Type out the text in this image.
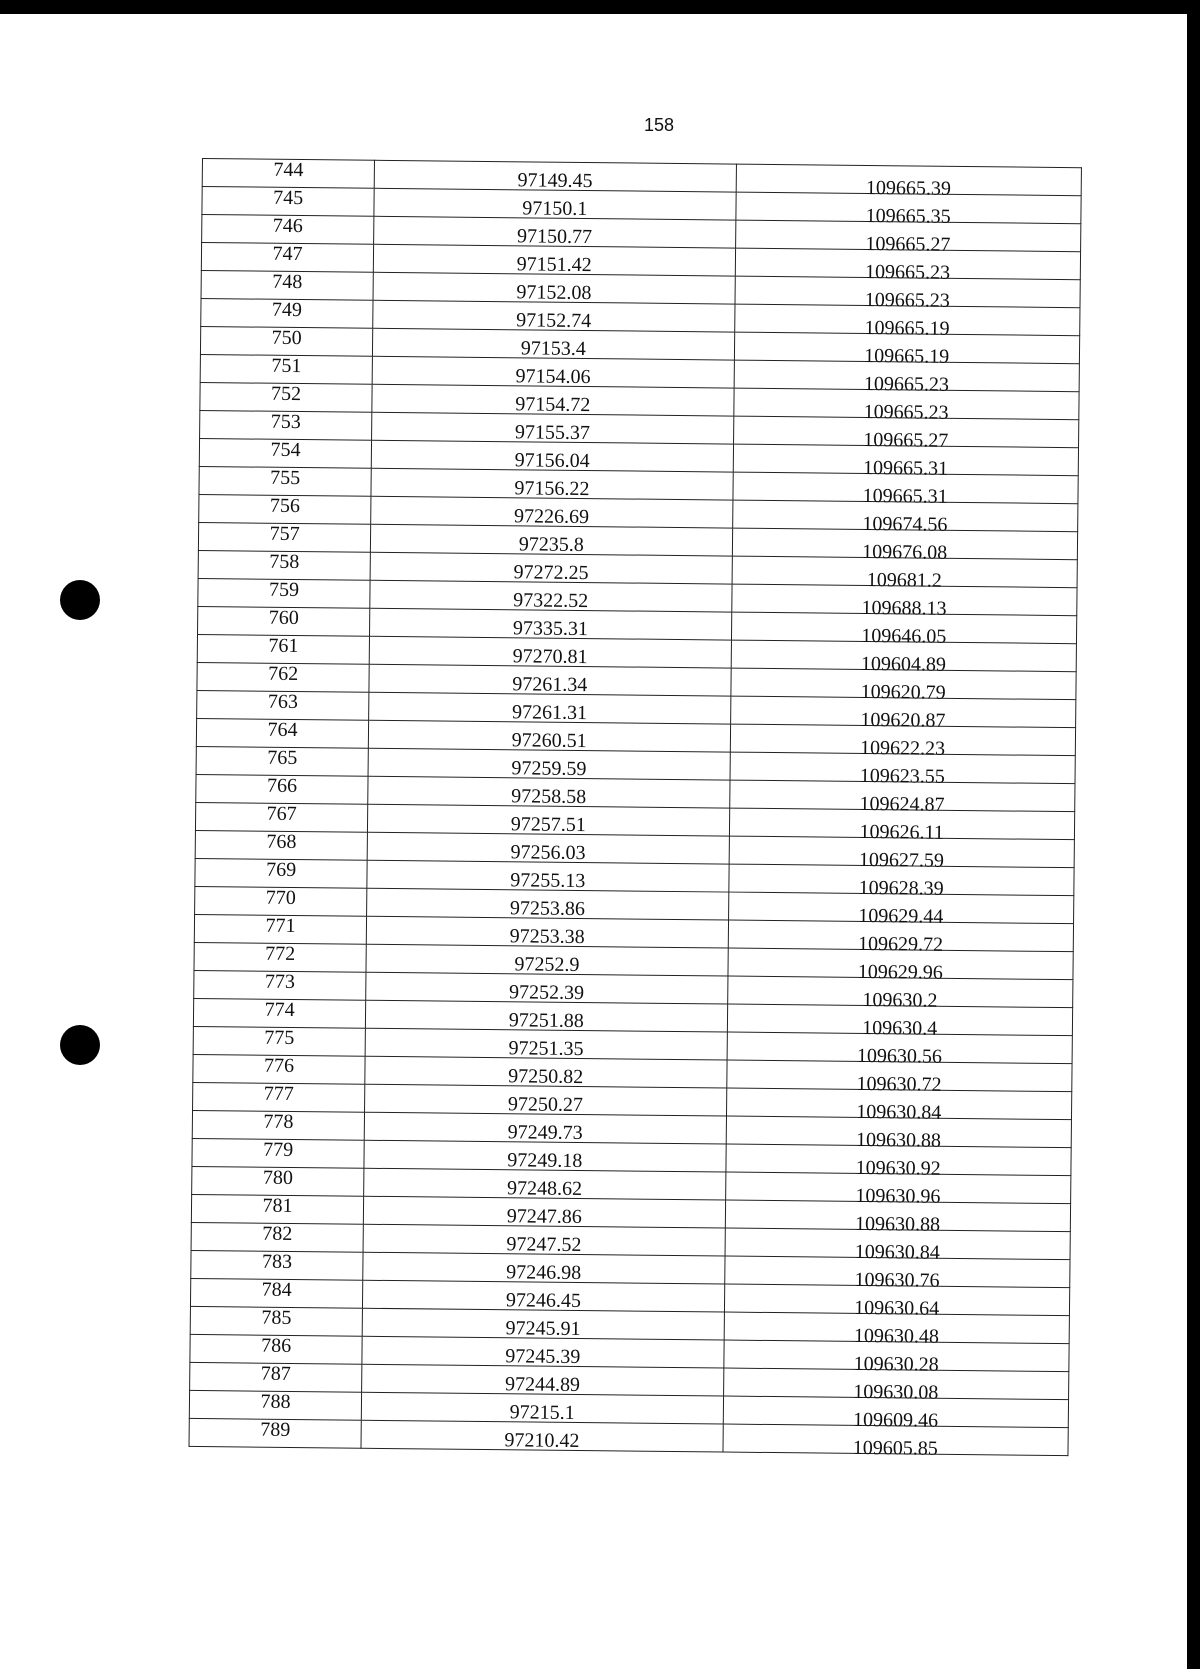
158
744	97149.45	109665.39
745	97150.1	109665.35
746	97150.77	109665.27
747	97151.42	109665.23
748	97152.08	109665.23
749	97152.74	109665.19
750	97153.4	109665.19
751	97154.06	109665.23
752	97154.72	109665.23
753	97155.37	109665.27
754	97156.04	109665.31
755	97156.22	109665.31
756	97226.69	109674.56
757	97235.8	109676.08
758	97272.25	109681.2
759	97322.52	109688.13
760	97335.31	109646.05
761	97270.81	109604.89
762	97261.34	109620.79
763	97261.31	109620.87
764	97260.51	109622.23
765	97259.59	109623.55
766	97258.58	109624.87
767	97257.51	109626.11
768	97256.03	109627.59
769	97255.13	109628.39
770	97253.86	109629.44
771	97253.38	109629.72
772	97252.9	109629.96
773	97252.39	109630.2
774	97251.88	109630.4
775	97251.35	109630.56
776	97250.82	109630.72
777	97250.27	109630.84
778	97249.73	109630.88
779	97249.18	109630.92
780	97248.62	109630.96
781	97247.86	109630.88
782	97247.52	109630.84
783	97246.98	109630.76
784	97246.45	109630.64
785	97245.91	109630.48
786	97245.39	109630.28
787	97244.89	109630.08
788	97215.1	109609.46
789	97210.42	109605.85
